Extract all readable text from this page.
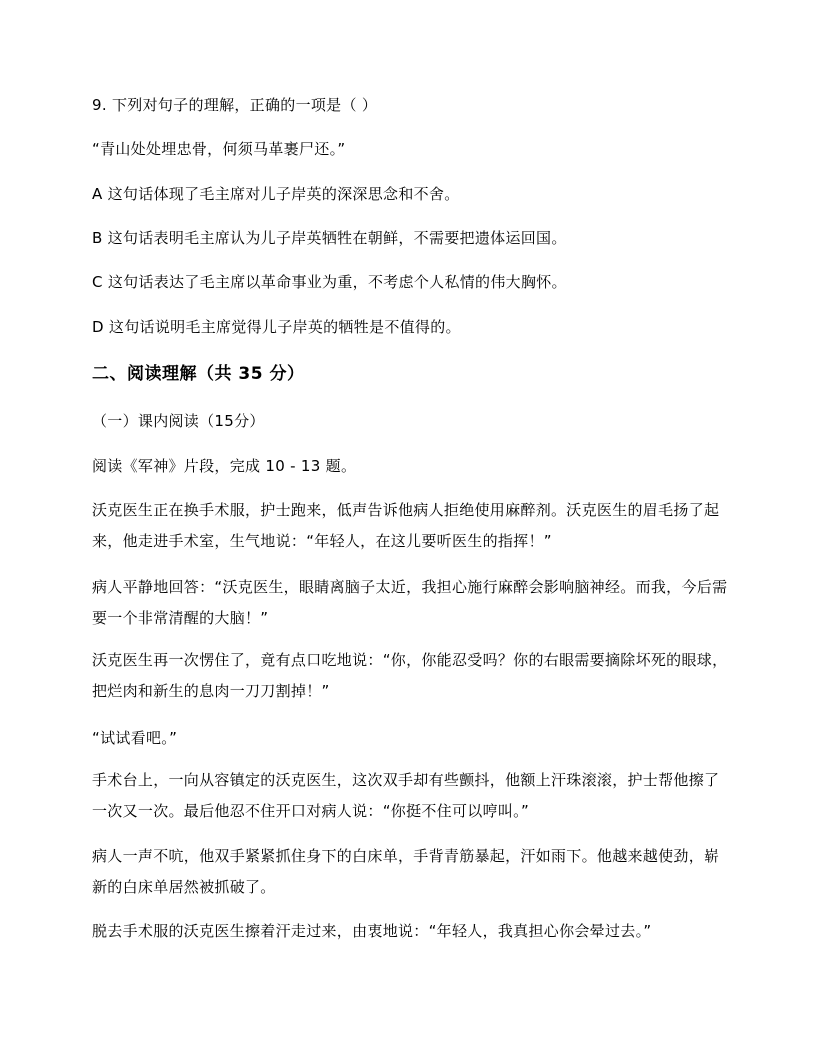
9. 下列对句子的理解，正确的一项是（ ）
“青山处处埋忠骨，何须马革裹尸还。”
A 这句话体现了毛主席对儿子岸英的深深思念和不舍。
B 这句话表明毛主席认为儿子岸英牺牲在朝鲜，不需要把遗体运回国。
C 这句话表达了毛主席以革命事业为重，不考虑个人私情的伟大胸怀。
D 这句话说明毛主席觉得儿子岸英的牺牲是不值得的。
二、阅读理解（共 35 分）
（一）课内阅读（15分）
阅读《军神》片段，完成 10 - 13 题。
沃克医生正在换手术服，护士跑来，低声告诉他病人拒绝使用麻醉剂。沃克医生的眉毛扬了起来，他走进手术室，生气地说：“年轻人，在这儿要听医生的指挥！”
病人平静地回答：“沃克医生，眼睛离脑子太近，我担心施行麻醉会影响脑神经。而我，今后需要一个非常清醒的大脑！”
沃克医生再一次愣住了，竟有点口吃地说：“你，你能忍受吗？你的右眼需要摘除坏死的眼球，把烂肉和新生的息肉一刀刀割掉！”
“试试看吧。”
手术台上，一向从容镇定的沃克医生，这次双手却有些颤抖，他额上汗珠滚滚，护士帮他擦了一次又一次。最后他忍不住开口对病人说：“你挺不住可以哼叫。”
病人一声不吭，他双手紧紧抓住身下的白床单，手背青筋暴起，汗如雨下。他越来越使劲，崭新的白床单居然被抓破了。
脱去手术服的沃克医生擦着汗走过来，由衷地说：“年轻人，我真担心你会晕过去。”
